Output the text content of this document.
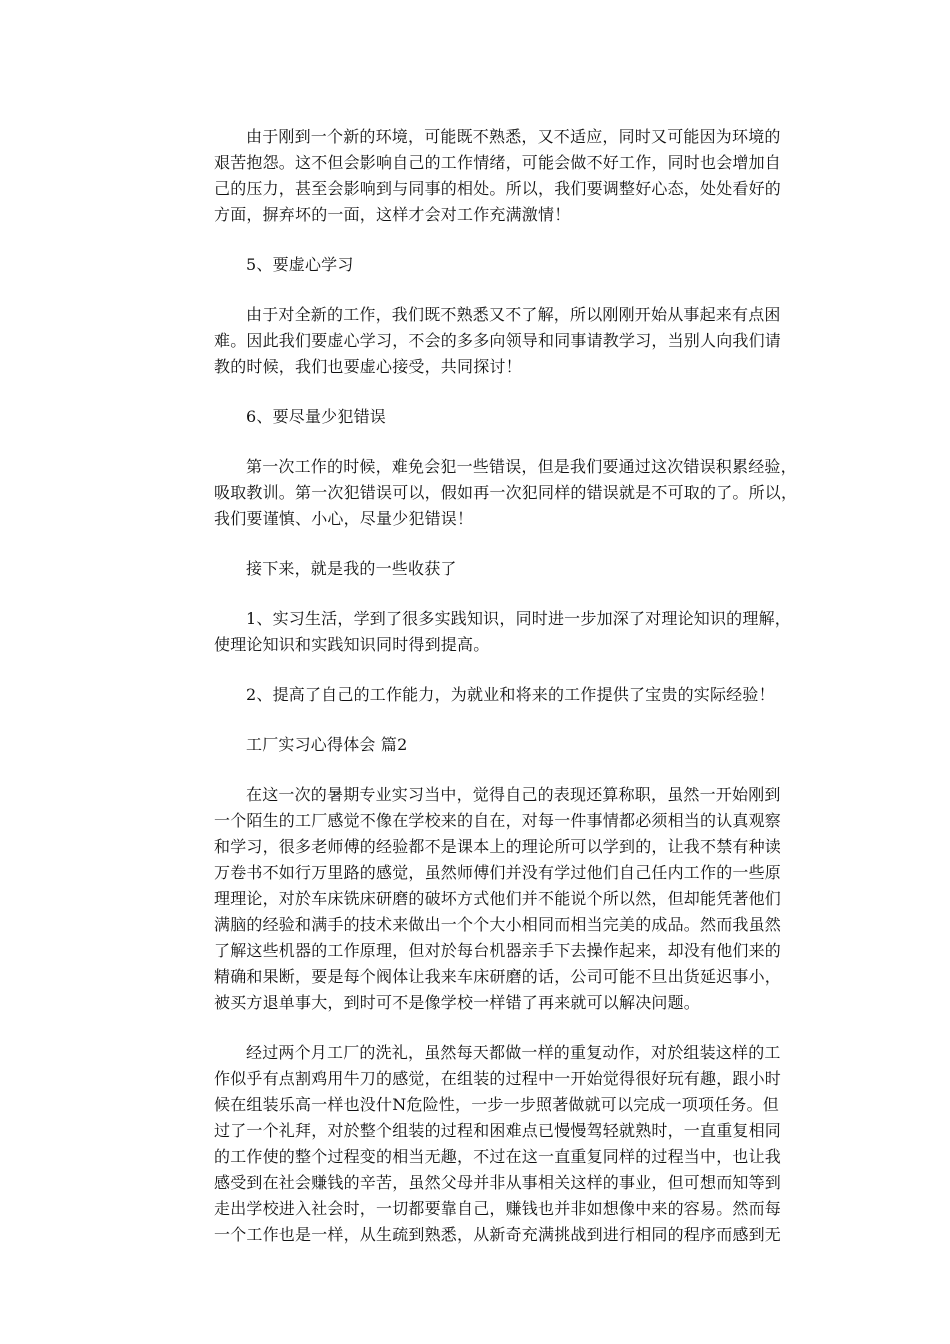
由于刚到一个新的环境，可能既不熟悉，又不适应，同时又可能因为环境的
艰苦抱怨。这不但会影响自己的工作情绪，可能会做不好工作，同时也会增加自
己的压力，甚至会影响到与同事的相处。所以，我们要调整好心态，处处看好的
方面，摒弃坏的一面，这样才会对工作充满激情！

5、要虚心学习

由于对全新的工作，我们既不熟悉又不了解，所以刚刚开始从事起来有点困
难。因此我们要虚心学习，不会的多多向领导和同事请教学习，当别人向我们请
教的时候，我们也要虚心接受，共同探讨！

6、要尽量少犯错误

第一次工作的时候，难免会犯一些错误，但是我们要通过这次错误积累经验，
吸取教训。第一次犯错误可以，假如再一次犯同样的错误就是不可取的了。所以，
我们要谨慎、小心，尽量少犯错误！

接下来，就是我的一些收获了

1、实习生活，学到了很多实践知识，同时进一步加深了对理论知识的理解，
使理论知识和实践知识同时得到提高。

2、提高了自己的工作能力，为就业和将来的工作提供了宝贵的实际经验！

工厂实习心得体会 篇2

在这一次的暑期专业实习当中，觉得自己的表现还算称职，虽然一开始刚到
一个陌生的工厂感觉不像在学校来的自在，对每一件事情都必须相当的认真观察
和学习，很多老师傅的经验都不是课本上的理论所可以学到的，让我不禁有种读
万卷书不如行万里路的感觉，虽然师傅们并没有学过他们自己任内工作的一些原
理理论，对於车床铣床研磨的破坏方式他们并不能说个所以然，但却能凭著他们
满脑的经验和满手的技术来做出一个个大小相同而相当完美的成品。然而我虽然
了解这些机器的工作原理，但对於每台机器亲手下去操作起来，却没有他们来的
精确和果断，要是每个阀体让我来车床研磨的话，公司可能不旦出货延迟事小，
被买方退单事大，到时可不是像学校一样错了再来就可以解决问题。

经过两个月工厂的洗礼，虽然每天都做一样的重复动作，对於组装这样的工
作似乎有点割鸡用牛刀的感觉，在组装的过程中一开始觉得很好玩有趣，跟小时
候在组装乐高一样也没什N危险性，一步一步照著做就可以完成一项项任务。但
过了一个礼拜，对於整个组装的过程和困难点已慢慢驾轻就熟时，一直重复相同
的工作使的整个过程变的相当无趣，不过在这一直重复同样的过程当中，也让我
感受到在社会赚钱的辛苦，虽然父母并非从事相关这样的事业，但可想而知等到
走出学校进入社会时，一切都要靠自己，赚钱也并非如想像中来的容易。然而每
一个工作也是一样，从生疏到熟悉，从新奇充满挑战到进行相同的程序而感到无
